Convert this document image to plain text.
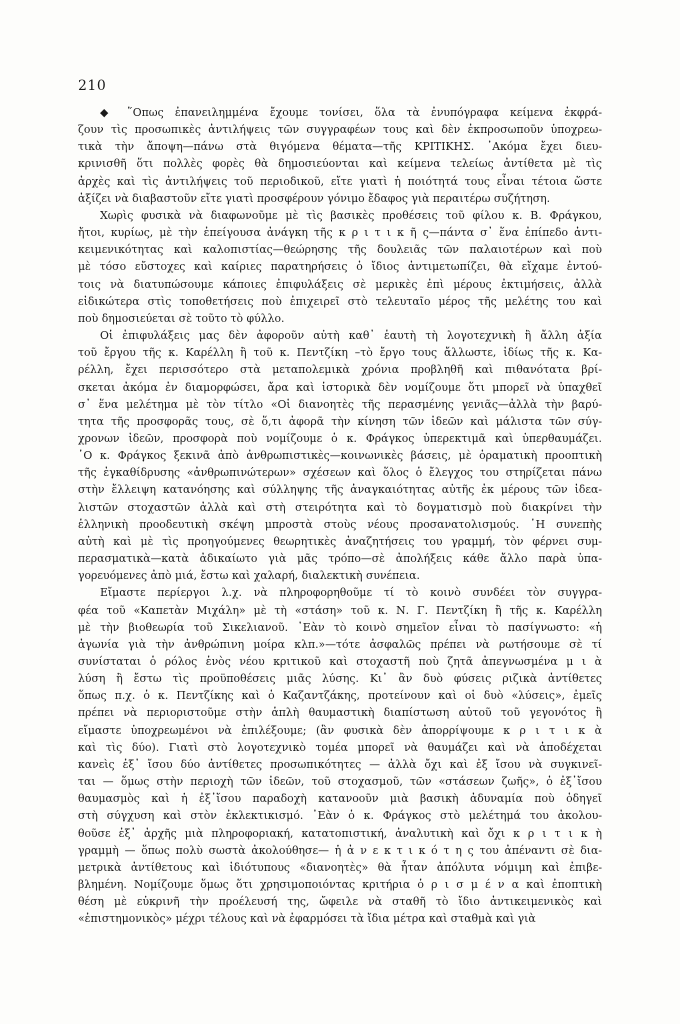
210
◆ ῞Οπως ἐπανειλημμένα ἔχουμε τονίσει, ὅλα τὰ ἐνυπόγραφα κείμενα ἐκφρά-
ζουν τὶς προσωπικὲς ἀντιλήψεις τῶν συγγραφέων τους καὶ δὲν ἐκπροσωποῦν ὑποχρεω-
τικὰ τὴν ἄποψη—πάνω στὰ θιγόμενα θέματα—τῆς ΚΡΙΤΙΚΗΣ. ᾿Ακόμα ἔχει διευ-
κρινισθῆ ὅτι πολλὲς φορὲς θὰ δημοσιεύονται καὶ κείμενα τελείως ἀντίθετα μὲ τὶς
ἀρχὲς καὶ τὶς ἀντιλήψεις τοῦ περιοδικοῦ, εἴτε γιατὶ ἡ ποιότητά τους εἶναι τέτοια ὥστε
ἀξίζει νὰ διαβαστοῦν εἴτε γιατὶ προσφέρουν γόνιμο ἔδαφος γιὰ περαιτέρω συζήτηση.
Χωρὶς φυσικὰ νὰ διαφωνοῦμε μὲ τὶς βασικὲς προθέσεις τοῦ φίλου κ. Β. Φράγκου,
ἤτοι, κυρίως, μὲ τὴν ἐπείγουσα ἀνάγκη τῆς κ ρ ι τ ι κ ῆ ς—πάντα σ᾿ ἕνα ἐπίπεδο ἀντι-
κειμενικότητας καὶ καλοπιστίας—θεώρησης τῆς δουλειᾶς τῶν παλαιοτέρων καὶ ποὺ
μὲ τόσο εὔστοχες καὶ καίριες παρατηρήσεις ὁ ἴδιος ἀντιμετωπίζει, θὰ εἴχαμε ἐντού-
τοις νὰ διατυπώσουμε κάποιες ἐπιφυλάξεις σὲ μερικὲς ἐπὶ μέρους ἐκτιμήσεις, ἀλλὰ
εἰδικώτερα στὶς τοποθετήσεις ποὺ ἐπιχειρεῖ στὸ τελευταῖο μέρος τῆς μελέτης του καὶ
ποὺ δημοσιεύεται σὲ τοῦτο τὸ φύλλο.
Οἱ ἐπιφυλάξεις μας δὲν ἀφοροῦν αὐτὴ καθ᾿ ἑαυτὴ τὴ λογοτεχνικὴ ἢ ἄλλη ἀξία
τοῦ ἔργου τῆς κ. Καρέλλη ἢ τοῦ κ. Πεντζίκη –τὸ ἔργο τους ἄλλωστε, ἰδίως τῆς κ. Κα-
ρέλλη, ἔχει περισσότερο στὰ μεταπολεμικὰ χρόνια προβληθῆ καὶ πιθανότατα βρί-
σκεται ἀκόμα ἐν διαμορφώσει, ἄρα καὶ ἱστορικὰ δὲν νομίζουμε ὅτι μπορεῖ νὰ ὑπαχθεῖ
σ᾿ ἕνα μελέτημα μὲ τὸν τίτλο «Οἱ διανοητὲς τῆς περασμένης γενιᾶς—ἀλλὰ τὴν βαρύ-
τητα τῆς προσφορᾶς τους, σὲ ὅ,τι ἀφορᾶ τὴν κίνηση τῶν ἰδεῶν καὶ μάλιστα τῶν σύγ-
χρονων ἰδεῶν, προσφορὰ ποὺ νομίζουμε ὁ κ. Φράγκος ὑπερεκτιμᾶ καὶ ὑπερθαυμάζει.
῾Ο κ. Φράγκος ξεκινᾶ ἀπὸ ἀνθρωπιστικὲς—κοινωνικὲς βάσεις, μὲ ὁραματικὴ προοπτικὴ
τῆς ἐγκαθίδρυσης «ἀνθρωπινώτερων» σχέσεων καὶ ὅλος ὁ ἔλεγχος του στηρίζεται πάνω
στὴν ἔλλειψη κατανόησης καὶ σύλληψης τῆς ἀναγκαιότητας αὐτῆς ἐκ μέρους τῶν ἰδεα-
λιστῶν στοχαστῶν ἀλλὰ καὶ στὴ στειρότητα καὶ τὸ δογματισμὸ ποὺ διακρίνει τὴν
ἑλληνικὴ προοδευτικὴ σκέψη μπροστὰ στοὺς νέους προσανατολισμούς. ῾Η συνεπὴς
αὐτὴ καὶ μὲ τὶς προηγούμενες θεωρητικὲς ἀναζητήσεις του γραμμή, τὸν φέρνει συμ-
περασματικὰ—κατὰ ἀδικαίωτο γιὰ μᾶς τρόπο—σὲ ἀπολήξεις κάθε ἄλλο παρὰ ὑπα-
γορευόμενες ἀπὸ μιά, ἔστω καὶ χαλαρή, διαλεκτικὴ συνέπεια.
Εἴμαστε περίεργοι λ.χ. νὰ πληροφορηθοῦμε τί τὸ κοινὸ συνδέει τὸν συγγρα-
φέα τοῦ «Καπετὰν Μιχάλη» μὲ τὴ «στάση» τοῦ κ. Ν. Γ. Πεντζίκη ἢ τῆς κ. Καρέλλη
μὲ τὴν βιοθεωρία τοῦ Σικελιανοῦ. ᾿Εὰν τὸ κοινὸ σημεῖον εἶναι τὸ πασίγνωστο: «ἡ
ἀγωνία γιὰ τὴν ἀνθρώπινη μοίρα κλπ.»—τότε ἀσφαλῶς πρέπει νὰ ρωτήσουμε σὲ τί
συνίσταται ὁ ρόλος ἑνὸς νέου κριτικοῦ καὶ στοχαστῆ ποὺ ζητᾶ ἀπεγνωσμένα μ ι ὰ
λύση ἢ ἔστω τὶς προϋποθέσεις μιᾶς λύσης. Κι᾿ ἂν δυὸ φύσεις ριζικὰ ἀντίθετες
ὅπως π.χ. ὁ κ. Πεντζίκης καὶ ὁ Καζαντζάκης, προτείνουν καὶ οἱ δυὸ «λύσεις», ἐμεῖς
πρέπει νὰ περιοριστοῦμε στὴν ἁπλὴ θαυμαστικὴ διαπίστωση αὐτοῦ τοῦ γεγονότος ἢ
εἴμαστε ὑποχρεωμένοι νὰ ἐπιλέξουμε; (ἂν φυσικὰ δὲν ἀπορρίψουμε κ ρ ι τ ι κ ὰ
καὶ τὶς δύο). Γιατὶ στὸ λογοτεχνικὸ τομέα μπορεῖ νὰ θαυμάζει καὶ νὰ ἀποδέχεται
κανεὶς ἐξ᾿ ἴσου δύο ἀντίθετες προσωπικότητες — ἀλλὰ ὄχι καὶ ἐξ ἴσου νὰ συγκινεῖ-
ται — ὅμως στὴν περιοχὴ τῶν ἰδεῶν, τοῦ στοχασμοῦ, τῶν «στάσεων ζωῆς», ὁ ἐξ᾿ἴσου
θαυμασμὸς καὶ ἡ ἐξ᾿ἴσου παραδοχὴ κατανοοῦν μιὰ βασικὴ ἀδυναμία ποὺ ὁδηγεῖ
στὴ σύγχυση καὶ στὸν ἐκλεκτικισμό. ᾿Εὰν ὁ κ. Φράγκος στὸ μελέτημά του ἀκολου-
θοῦσε ἐξ᾿ ἀρχῆς μιὰ πληροφοριακή, κατατοπιστική, ἀναλυτικὴ καὶ ὄχι κ ρ ι τ ι κ ὴ
γραμμὴ — ὅπως πολὺ σωστὰ ἀκολούθησε— ἡ ἀ ν ε κ τ ι κ ό τ η ς του ἀπέναντι σὲ δια-
μετρικὰ ἀντίθετους καὶ ἰδιότυπους «διανοητὲς» θὰ ἦταν ἀπόλυτα νόμιμη καὶ ἐπιβε-
βλημένη. Νομίζουμε ὅμως ὅτι χρησιμοποιόντας κριτήρια ὁ ρ ι σ μ έ ν α καὶ ἐποπτικὴ
θέση μὲ εὐκρινῆ τὴν προέλευσή της, ὤφειλε νὰ σταθῆ τὸ ἴδιο ἀντικειμενικὸς καὶ
«ἐπιστημονικὸς» μέχρι τέλους καὶ νὰ ἐφαρμόσει τὰ ἴδια μέτρα καὶ σταθμὰ καὶ γιὰ
